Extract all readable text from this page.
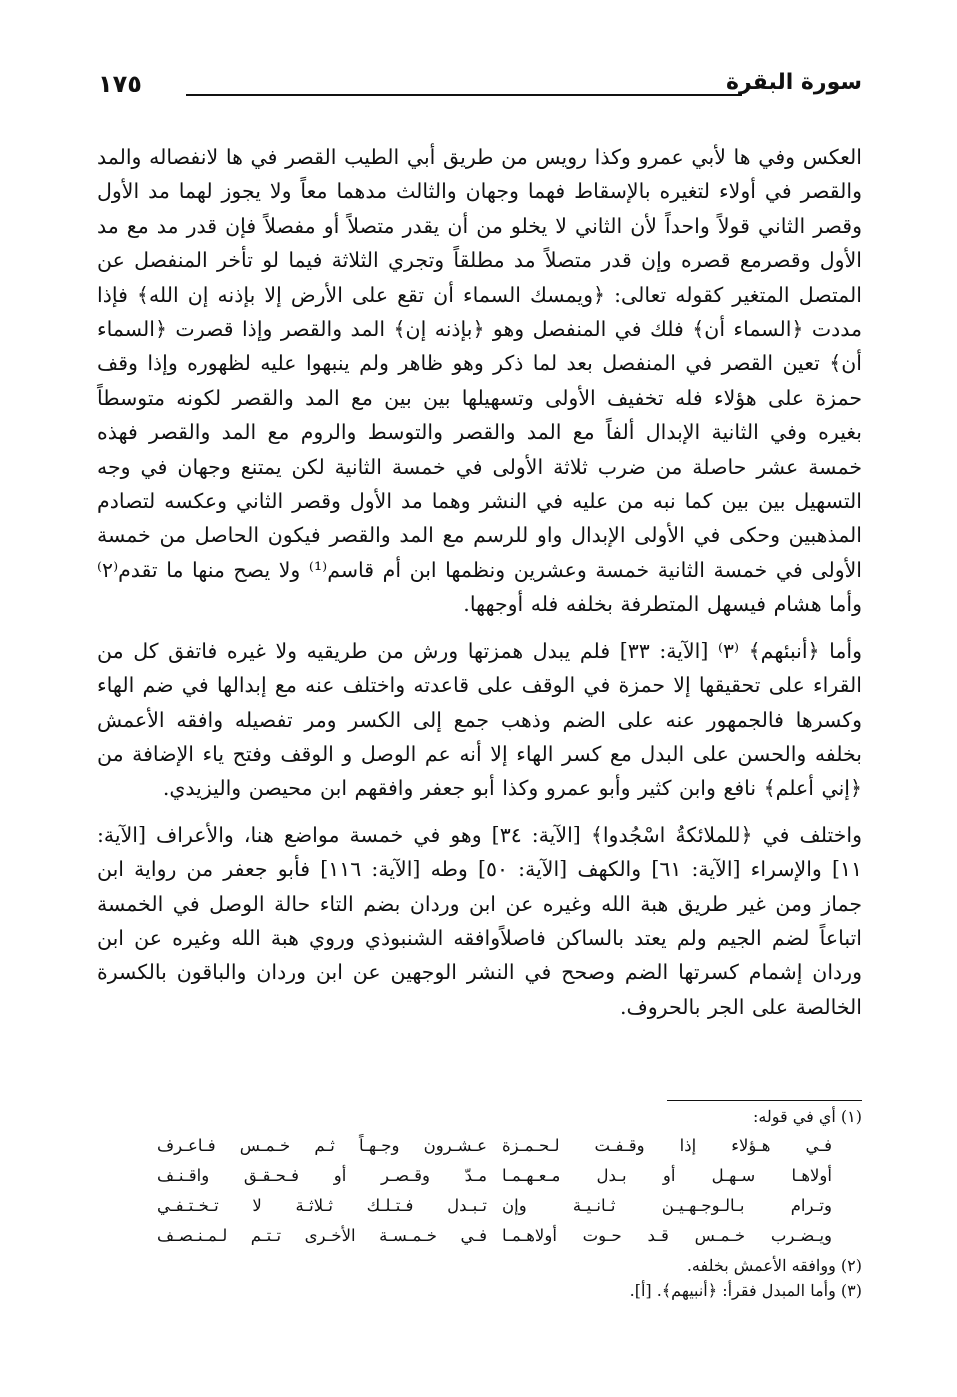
سورة البقرة
١٧٥

العكس وفي ها لأبي عمرو وكذا رويس من طريق أبي الطيب القصر في ها لانفصاله والمد والقصر في أولاء لتغيره بالإسقاط فهما وجهان والثالث مدهما معاً ولا يجوز لهما مد الأول وقصر الثاني قولاً واحداً لأن الثاني لا يخلو من أن يقدر متصلاً أو مفصلاً فإن قدر مد مع مد الأول وقصرمع قصره وإن قدر متصلاً مد مطلقاً وتجري الثلاثة فيما لو تأخر المنفصل عن المتصل المتغير كقوله تعالى: ﴿ويمسك السماء أن تقع على الأرض إلا بإذنه إن الله﴾ فإذا مددت ﴿السماء أن﴾ فلك في المنفصل وهو ﴿بإذنه إن﴾ المد والقصر وإذا قصرت ﴿السماء أن﴾ تعين القصر في المنفصل بعد لما ذكر وهو ظاهر ولم ينبهوا عليه لظهوره وإذا وقف حمزة على هؤلاء فله تخفيف الأولى وتسهيلها بين بين مع المد والقصر لكونه متوسطاً بغيره وفي الثانية الإبدال ألفاً مع المد والقصر والتوسط والروم مع المد والقصر فهذه خمسة عشر حاصلة من ضرب ثلاثة الأولى في خمسة الثانية لكن يمتنع وجهان في وجه التسهيل بين بين كما نبه من عليه في النشر وهما مد الأول وقصر الثاني وعكسه لتصادم المذهبين وحكى في الأولى الإبدال واو للرسم مع المد والقصر فيكون الحاصل من خمسة الأولى في خمسة الثانية خمسة وعشرين ونظمها ابن أم قاسم⁽¹⁾ ولا يصح منها ما تقدم⁽٢⁾ وأما هشام فيسهل المتطرفة بخلفه فله أوجهها.

وأما ﴿أنبئهم﴾ ⁽٣⁾ [الآية: ٣٣] فلم يبدل همزتها ورش من طريقيه ولا غيره فاتفق كل من القراء على تحقيقها إلا حمزة في الوقف على قاعدته واختلف عنه مع إبدالها في ضم الهاء وكسرها فالجمهور عنه على الضم وذهب جمع إلى الكسر ومر تفصيله وافقه الأعمش بخلفه والحسن على البدل مع كسر الهاء إلا أنه عم الوصل و الوقف وفتح ياء الإضافة من ﴿إني أعلم﴾ نافع وابن كثير وأبو عمرو وكذا أبو جعفر وافقهم ابن محيصن واليزيدي.

واختلف في ﴿للملائكةُ اسْجُدوا﴾ [الآية: ٣٤] وهو في خمسة مواضع هنا، والأعراف [الآية: ١١] والإسراء [الآية: ٦١] والكهف [الآية: ٥٠] وطه [الآية: ١١٦] فأبو جعفر من رواية ابن جماز ومن غير طريق هبة الله وغيره عن ابن وردان بضم التاء حالة الوصل في الخمسة اتباعاً لضم الجيم ولم يعتد بالساكن فاصلاًوافقه الشنبوذي وروي هبة الله وغيره عن ابن وردان إشمام كسرتها الضم وصحح في النشر الوجهين عن ابن وردان والباقون بالكسرة الخالصة على الجر بالحروف.

(١) أي في قوله:
فـي هـؤلاء إذا وقـفـت لـحـمـزة
أولاهـا سـهـل أو بـدل مـعـهـمـا
وتـرام بـالـوجـهـيـن ثـانـيـة وإن
ويـضـرب خـمـس قـد حـوت أولاهـمـا
عـشـرون وجـهـاً ثـم خـمـس فـاعـرف
مـدّ وقـصـر أو فـحـقـق واقـنـف
تـبـدل فـتـلـك ثـلاثـة لا تـخـتـفـي
فـي خـمـسـة الأخـرى تـتـم لـمـنـصـف
(٢) ووافقه الأعمش بخلفه.
(٣) وأما المبدل فقرأ: ﴿أنبيهم﴾. [أ].
